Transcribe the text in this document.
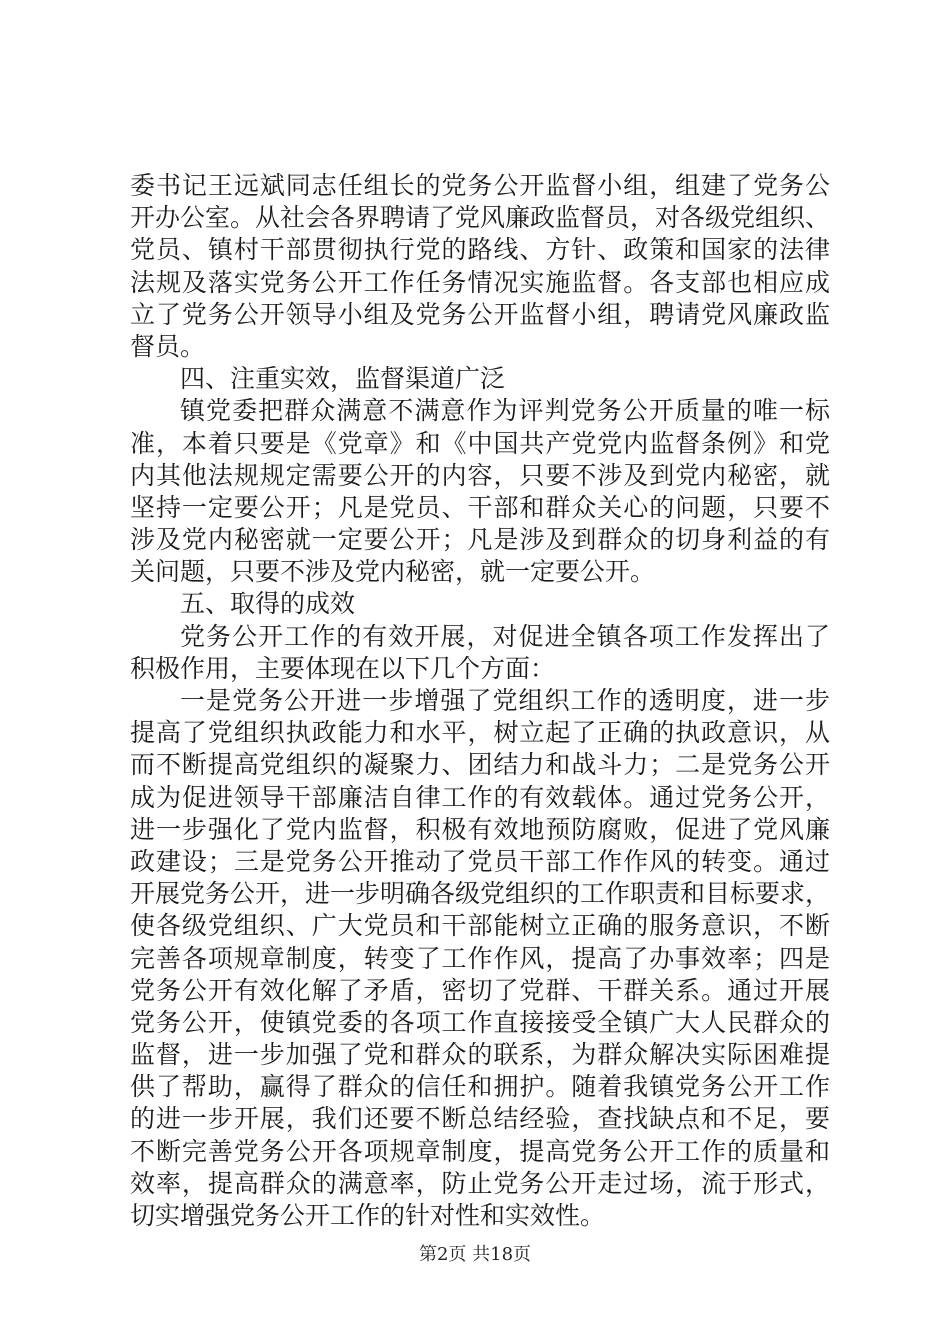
委书记王远斌同志任组长的党务公开监督小组，组建了党务公
开办公室。从社会各界聘请了党风廉政监督员，对各级党组织、
党员、镇村干部贯彻执行党的路线、方针、政策和国家的法律
法规及落实党务公开工作任务情况实施监督。各支部也相应成
立了党务公开领导小组及党务公开监督小组，聘请党风廉政监
督员。
四、注重实效，监督渠道广泛
镇党委把群众满意不满意作为评判党务公开质量的唯一标
准，本着只要是《党章》和《中国共产党党内监督条例》和党
内其他法规规定需要公开的内容，只要不涉及到党内秘密，就
坚持一定要公开；凡是党员、干部和群众关心的问题，只要不
涉及党内秘密就一定要公开；凡是涉及到群众的切身利益的有
关问题，只要不涉及党内秘密，就一定要公开。
五、取得的成效
党务公开工作的有效开展，对促进全镇各项工作发挥出了
积极作用，主要体现在以下几个方面：
一是党务公开进一步增强了党组织工作的透明度，进一步
提高了党组织执政能力和水平，树立起了正确的执政意识，从
而不断提高党组织的凝聚力、团结力和战斗力；二是党务公开
成为促进领导干部廉洁自律工作的有效载体。通过党务公开，
进一步强化了党内监督，积极有效地预防腐败，促进了党风廉
政建设；三是党务公开推动了党员干部工作作风的转变。通过
开展党务公开，进一步明确各级党组织的工作职责和目标要求，
使各级党组织、广大党员和干部能树立正确的服务意识，不断
完善各项规章制度，转变了工作作风，提高了办事效率；四是
党务公开有效化解了矛盾，密切了党群、干群关系。通过开展
党务公开，使镇党委的各项工作直接接受全镇广大人民群众的
监督，进一步加强了党和群众的联系，为群众解决实际困难提
供了帮助，赢得了群众的信任和拥护。随着我镇党务公开工作
的进一步开展，我们还要不断总结经验，查找缺点和不足，要
不断完善党务公开各项规章制度，提高党务公开工作的质量和
效率，提高群众的满意率，防止党务公开走过场，流于形式，
切实增强党务公开工作的针对性和实效性。
第2页 共18页
